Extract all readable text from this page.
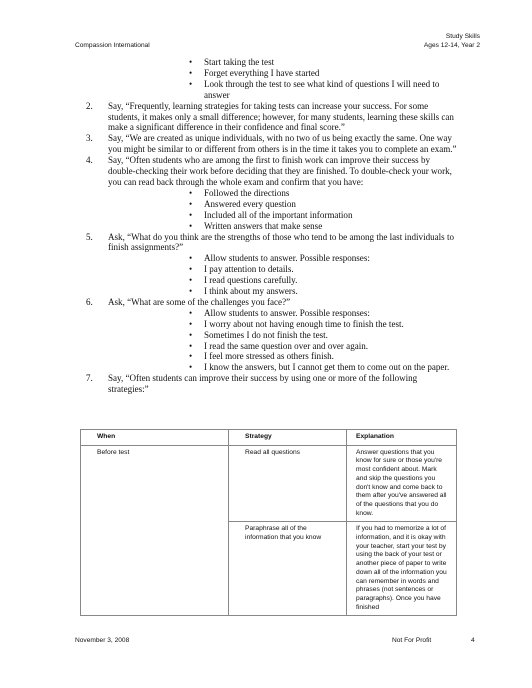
Study Skills
Ages 12-14, Year 2
Compassion International
• Start taking the test
• Forget everything I have started
• Look through the test to see what kind of questions I will need to answer
2. Say, “Frequently, learning strategies for taking tests can increase your success. For some students, it makes only a small difference; however, for many students, learning these skills can make a significant difference in their confidence and final score.”
3. Say, “We are created as unique individuals, with no two of us being exactly the same. One way you might be similar to or different from others is in the time it takes you to complete an exam.”
4. Say, “Often students who are among the first to finish work can improve their success by double-checking their work before deciding that they are finished. To double-check your work, you can read back through the whole exam and confirm that you have:
• Followed the directions
• Answered every question
• Included all of the important information
• Written answers that make sense
5. Ask, “What do you think are the strengths of those who tend to be among the last individuals to finish assignments?”
• Allow students to answer. Possible responses:
• I pay attention to details.
• I read questions carefully.
• I think about my answers.
6. Ask, “What are some of the challenges you face?”
• Allow students to answer. Possible responses:
• I worry about not having enough time to finish the test.
• Sometimes I do not finish the test.
• I read the same question over and over again.
• I feel more stressed as others finish.
• I know the answers, but I cannot get them to come out on the paper.
7. Say, “Often students can improve their success by using one or more of the following strategies:”
When	Strategy	Explanation
Before test	Read all questions	Answer questions that you know for sure or those you're most confident about. Mark and skip the questions you don't know and come back to them after you've answered all of the questions that you do know.
	Paraphrase all of the information that you know	If you had to memorize a lot of information, and it is okay with your teacher, start your test by using the back of your test or another piece of paper to write down all of the information you can remember in words and phrases (not sentences or paragraphs). Once you have finished
November 3, 2008	Not For Profit	4
